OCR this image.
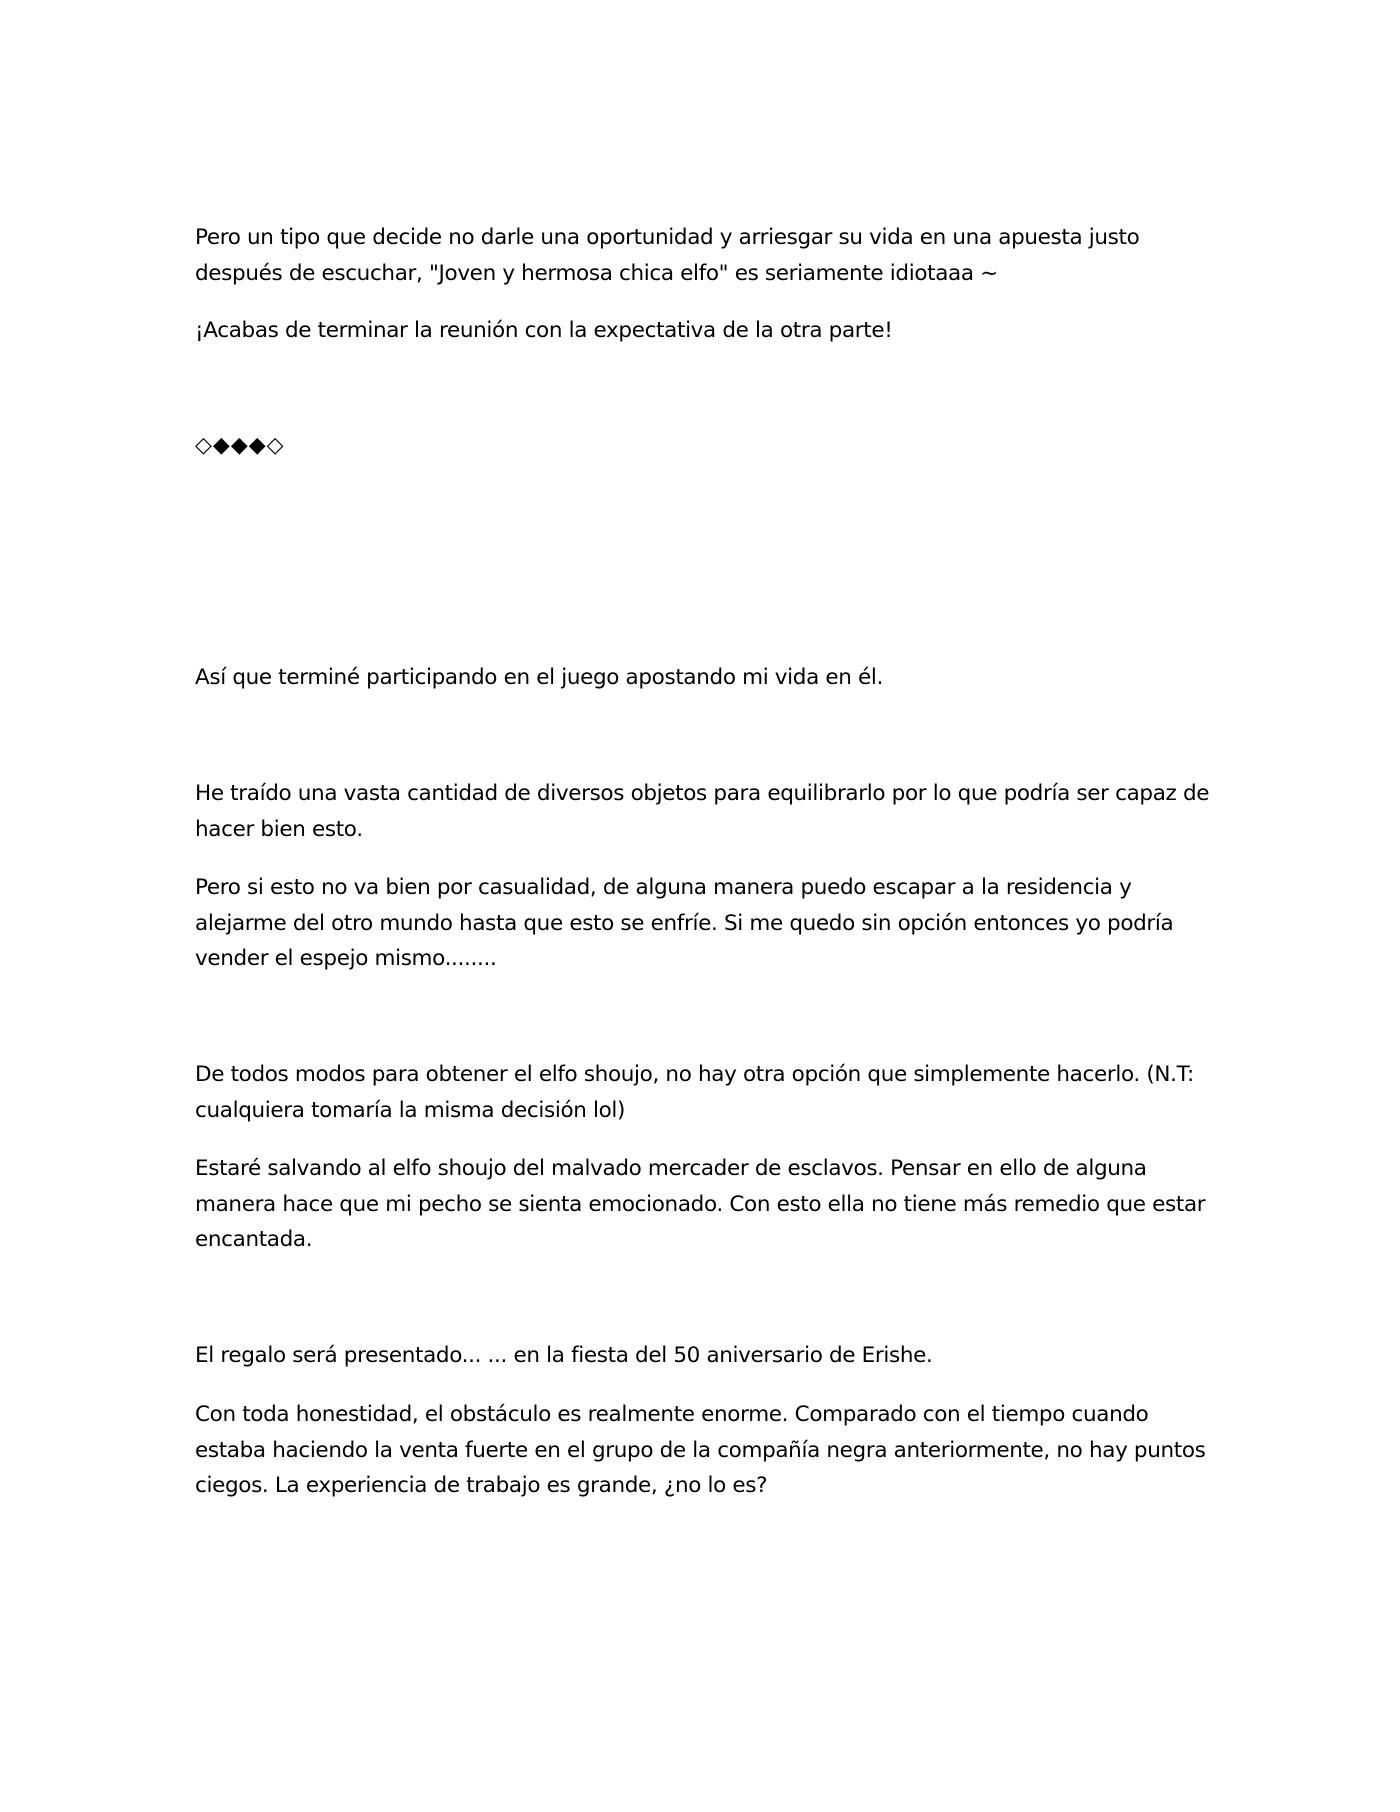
Pero un tipo que decide no darle una oportunidad y arriesgar su vida en una apuesta justo después de escuchar, "Joven y hermosa chica elfo" es seriamente idiotaaa ~

¡Acabas de terminar la reunión con la expectativa de la otra parte!

◇◆◆◆◇

Así que terminé participando en el juego apostando mi vida en él.

He traído una vasta cantidad de diversos objetos para equilibrarlo por lo que podría ser capaz de hacer bien esto.

Pero si esto no va bien por casualidad, de alguna manera puedo escapar a la residencia y alejarme del otro mundo hasta que esto se enfríe. Si me quedo sin opción entonces yo podría vender el espejo mismo........

De todos modos para obtener el elfo shoujo, no hay otra opción que simplemente hacerlo. (N.T: cualquiera tomaría la misma decisión lol)

Estaré salvando al elfo shoujo del malvado mercader de esclavos. Pensar en ello de alguna manera hace que mi pecho se sienta emocionado. Con esto ella no tiene más remedio que estar encantada.

El regalo será presentado... ... en la fiesta del 50 aniversario de Erishe.

Con toda honestidad, el obstáculo es realmente enorme. Comparado con el tiempo cuando estaba haciendo la venta fuerte en el grupo de la compañía negra anteriormente, no hay puntos ciegos. La experiencia de trabajo es grande, ¿no lo es?
